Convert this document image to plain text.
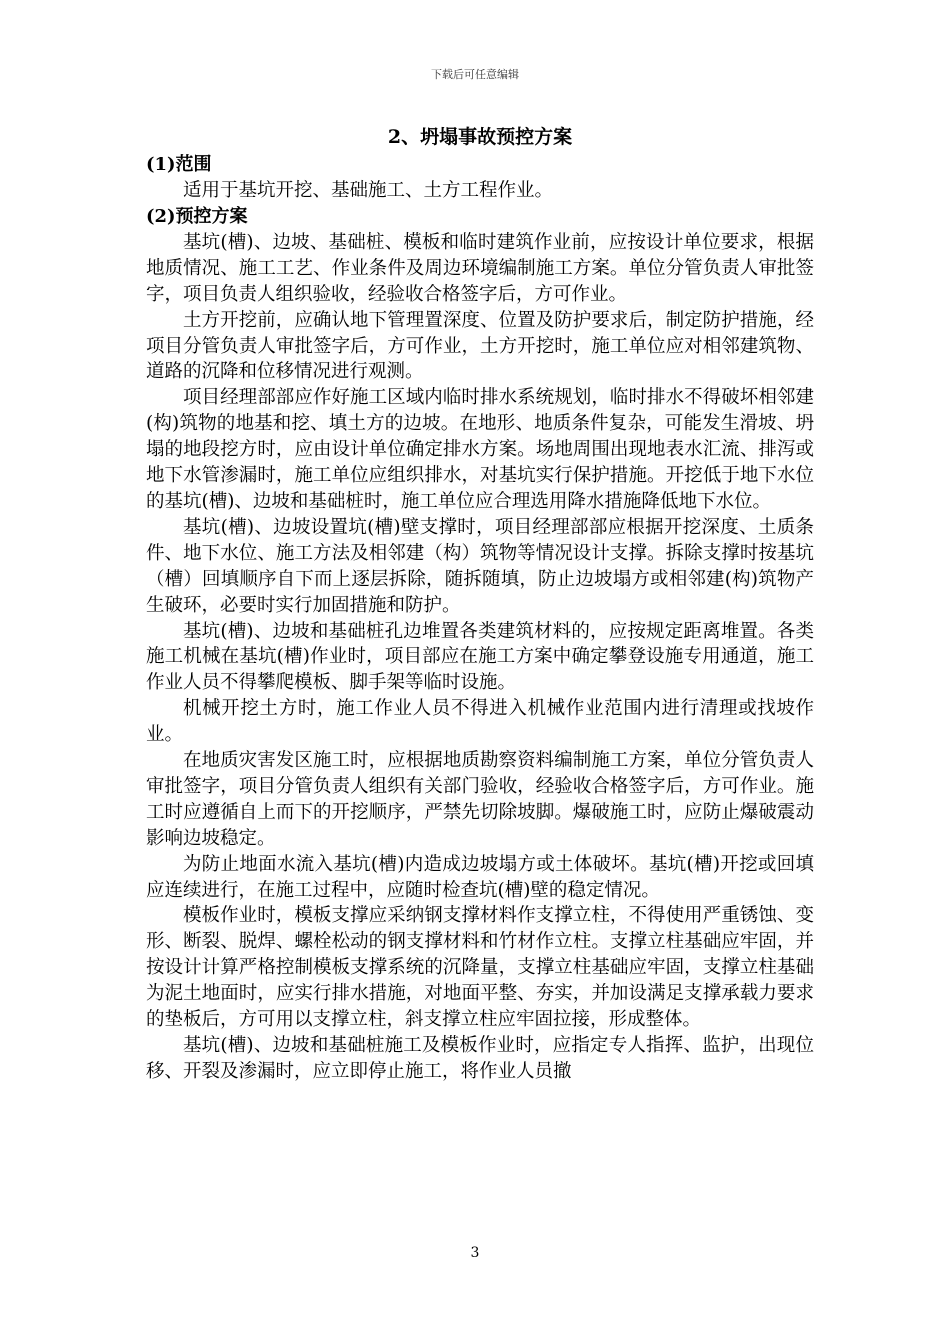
下载后可任意编辑
2、坍塌事故预控方案
(1)范围

适用于基坑开挖、基础施工、土方工程作业。

(2)预控方案

基坑(槽)、边坡、基础桩、模板和临时建筑作业前，应按设计单位要求，根据地质情况、施工工艺、作业条件及周边环境编制施工方案。单位分管负责人审批签字，项目负责人组织验收，经验收合格签字后，方可作业。

土方开挖前，应确认地下管理置深度、位置及防护要求后，制定防护措施，经项目分管负责人审批签字后，方可作业，土方开挖时，施工单位应对相邻建筑物、道路的沉降和位移情况进行观测。

项目经理部部应作好施工区域内临时排水系统规划，临时排水不得破坏相邻建(构)筑物的地基和挖、填土方的边坡。在地形、地质条件复杂，可能发生滑坡、坍塌的地段挖方时，应由设计单位确定排水方案。场地周围出现地表水汇流、排泻或地下水管渗漏时，施工单位应组织排水，对基坑实行保护措施。开挖低于地下水位的基坑(槽)、边坡和基础桩时，施工单位应合理选用降水措施降低地下水位。

基坑(槽)、边坡设置坑(槽)壁支撑时，项目经理部部应根据开挖深度、土质条件、地下水位、施工方法及相邻建（构）筑物等情况设计支撑。拆除支撑时按基坑（槽）回填顺序自下而上逐层拆除，随拆随填，防止边坡塌方或相邻建(构)筑物产生破环，必要时实行加固措施和防护。

基坑(槽)、边坡和基础桩孔边堆置各类建筑材料的，应按规定距离堆置。各类施工机械在基坑(槽)作业时，项目部应在施工方案中确定攀登设施专用通道，施工作业人员不得攀爬模板、脚手架等临时设施。

机械开挖土方时，施工作业人员不得进入机械作业范围内进行清理或找坡作业。

在地质灾害发区施工时，应根据地质勘察资料编制施工方案，单位分管负责人审批签字，项目分管负责人组织有关部门验收，经验收合格签字后，方可作业。施工时应遵循自上而下的开挖顺序，严禁先切除坡脚。爆破施工时，应防止爆破震动影响边坡稳定。

为防止地面水流入基坑(槽)内造成边坡塌方或土体破坏。基坑(槽)开挖或回填应连续进行，在施工过程中，应随时检查坑(槽)壁的稳定情况。

模板作业时，模板支撑应采纳钢支撑材料作支撑立柱，不得使用严重锈蚀、变形、断裂、脱焊、螺栓松动的钢支撑材料和竹材作立柱。支撑立柱基础应牢固，并按设计计算严格控制模板支撑系统的沉降量，支撑立柱基础应牢固，支撑立柱基础为泥土地面时，应实行排水措施，对地面平整、夯实，并加设满足支撑承载力要求的垫板后，方可用以支撑立柱，斜支撑立柱应牢固拉接，形成整体。

基坑(槽)、边坡和基础桩施工及模板作业时，应指定专人指挥、监护，出现位移、开裂及渗漏时，应立即停止施工，将作业人员撤

3
